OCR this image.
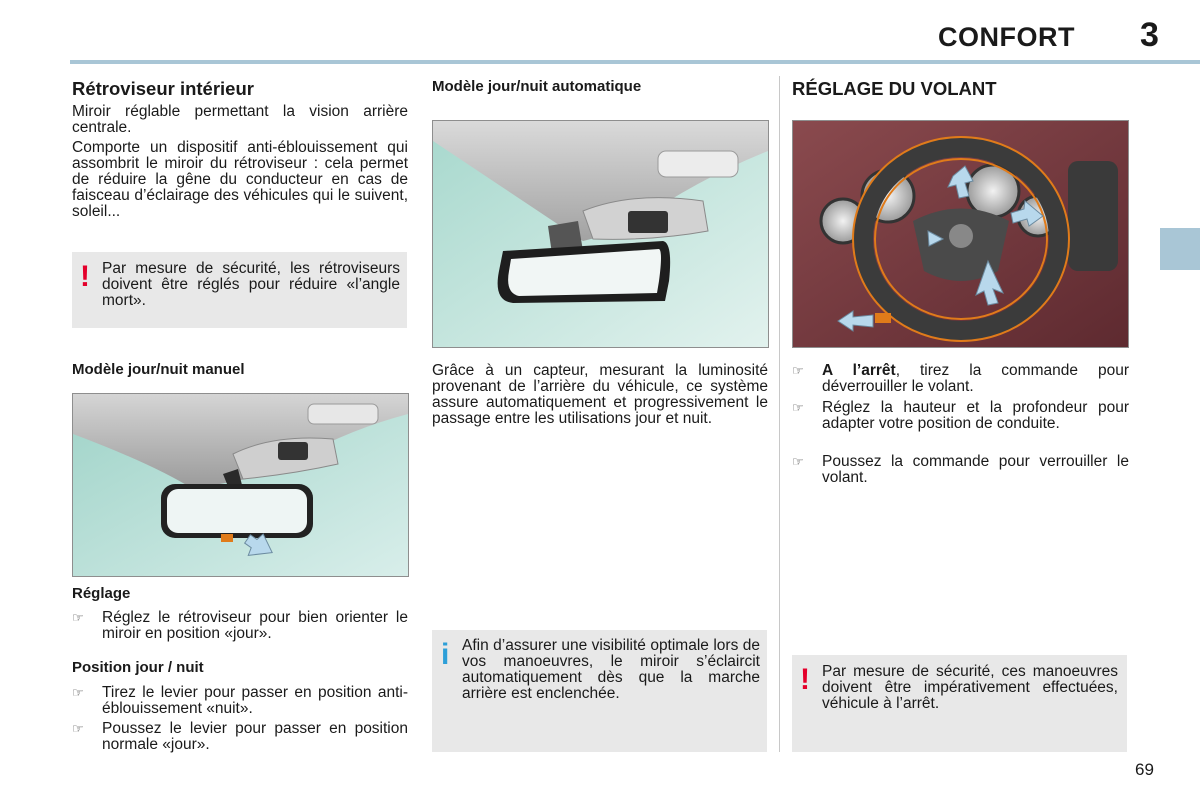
CONFORT 3
Rétroviseur intérieur

Miroir réglable permettant la vision arrière centrale.

Comporte un dispositif anti-éblouissement qui assombrit le miroir du rétroviseur : cela permet de réduire la gêne du conducteur en cas de faisceau d’éclairage des véhicules qui le suivent, soleil...

! Par mesure de sécurité, les rétroviseurs doivent être réglés pour réduire «l’angle mort».

Modèle jour/nuit manuel
Réglage
☞	Réglez le rétroviseur pour bien orienter le miroir en position «jour».
Position jour / nuit
☞	Tirez le levier pour passer en position anti-éblouissement «nuit».
☞	Poussez le levier pour passer en position normale «jour».
Modèle jour/nuit automatique

Grâce à un capteur, mesurant la luminosité provenant de l’arrière du véhicule, ce système assure automatiquement et progressivement le passage entre les utilisations jour et nuit.

i Afin d’assurer une visibilité optimale lors de vos manoeuvres, le miroir s’éclaircit automatiquement dès que la marche arrière est enclenchée.

RÉGLAGE DU VOLANT
☞	A l’arrêt, tirez la commande pour déverrouiller le volant.
☞	Réglez la hauteur et la profondeur pour adapter votre position de conduite.
☞	Poussez la commande pour verrouiller le volant.
! Par mesure de sécurité, ces manoeuvres doivent être impérativement effectuées, véhicule à l’arrêt.

69
